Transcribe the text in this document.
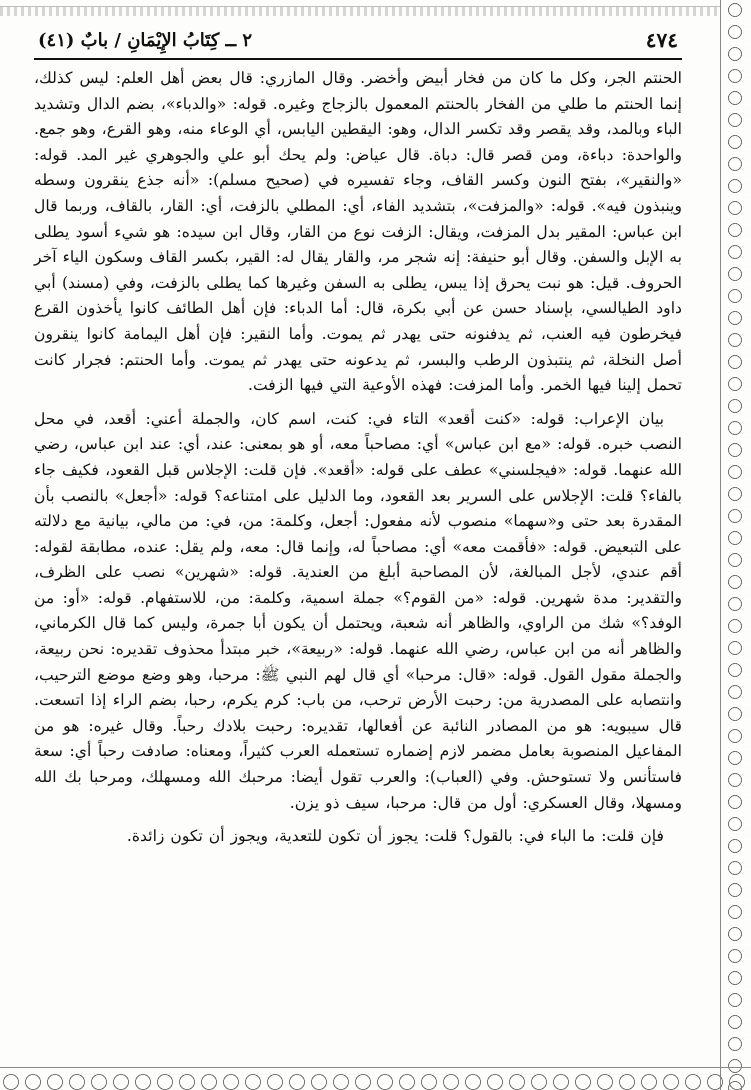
٤٧٤
٢ ــ كِتَابُ الإِيْمَانِ / بابٌ (٤١)

الحنتم الجر، وكل ما كان من فخار أبيض وأخضر. وقال المازري: قال بعض أهل العلم: ليس كذلك، إنما الحنتم ما طلي من الفخار بالحنتم المعمول بالزجاج وغيره. قوله: «والدباء»، بضم الدال وتشديد الباء وبالمد، وقد يقصر وقد تكسر الدال، وهو: اليقطين اليابس، أي الوعاء منه، وهو القرع، وهو جمع. والواحدة: دباءة، ومن قصر قال: دباة. قال عياض: ولم يحك أبو علي والجوهري غير المد. قوله: «والنقير»، بفتح النون وكسر القاف، وجاء تفسيره في (صحيح مسلم): «أنه جذع ينقرون وسطه وينبذون فيه». قوله: «والمزفت»، بتشديد الفاء، أي: المطلي بالزفت، أي: القار، بالقاف، وربما قال ابن عباس: المقير بدل المزفت، ويقال: الزفت نوع من القار، وقال ابن سيده: هو شيء أسود يطلى به الإبل والسفن. وقال أبو حنيفة: إنه شجر مر، والقار يقال له: القير، بكسر القاف وسكون الياء آخر الحروف. قيل: هو نبت يحرق إذا يبس، يطلى به السفن وغيرها كما يطلى بالزفت، وفي (مسند) أبي داود الطيالسي، بإسناد حسن عن أبي بكرة، قال: أما الدباء: فإن أهل الطائف كانوا يأخذون القرع فيخرطون فيه العنب، ثم يدفنونه حتى يهدر ثم يموت. وأما النقير: فإن أهل اليمامة كانوا ينقرون أصل النخلة، ثم ينتبذون الرطب والبسر، ثم يدعونه حتى يهدر ثم يموت. وأما الحنتم: فجرار كانت تحمل إلينا فيها الخمر. وأما المزفت: فهذه الأوعية التي فيها الزفت.

بيان الإعراب: قوله: «كنت أقعد» التاء في: كنت، اسم كان، والجملة أعني: أقعد، في محل النصب خبره. قوله: «مع ابن عباس» أي: مصاحباً معه، أو هو بمعنى: عند، أي: عند ابن عباس، رضي الله عنهما. قوله: «فيجلسني» عطف على قوله: «أقعد». فإن قلت: الإجلاس قبل القعود، فكيف جاء بالفاء؟ قلت: الإجلاس على السرير بعد القعود، وما الدليل على امتناعه؟ قوله: «أجعل» بالنصب بأن المقدرة بعد حتى و«سهما» منصوب لأنه مفعول: أجعل، وكلمة: من، في: من مالي، بيانية مع دلالته على التبعيض. قوله: «فأقمت معه» أي: مصاحباً له، وإنما قال: معه، ولم يقل: عنده، مطابقة لقوله: أقم عندي، لأجل المبالغة، لأن المصاحبة أبلغ من العندية. قوله: «شهرين» نصب على الظرف، والتقدير: مدة شهرين. قوله: «من القوم؟» جملة اسمية، وكلمة: من، للاستفهام. قوله: «أو: من الوفد؟» شك من الراوي، والظاهر أنه شعبة، ويحتمل أن يكون أبا جمرة، وليس كما قال الكرماني، والظاهر أنه من ابن عباس، رضي الله عنهما. قوله: «ربيعة»، خبر مبتدأ محذوف تقديره: نحن ربيعة، والجملة مقول القول. قوله: «قال: مرحبا» أي قال لهم النبي ﷺ: مرحبا، وهو وضع موضع الترحيب، وانتصابه على المصدرية من: رحبت الأرض ترحب، من باب: كرم يكرم، رحبا، بضم الراء إذا اتسعت. قال سيبويه: هو من المصادر النائبة عن أفعالها، تقديره: رحبت بلادك رحباً. وقال غيره: هو من المفاعيل المنصوبة بعامل مضمر لازم إضماره تستعمله العرب كثيراً، ومعناه: صادفت رحباً أي: سعة فاستأنس ولا تستوحش. وفي (العباب): والعرب تقول أيضا: مرحبك الله ومسهلك، ومرحبا بك الله ومسهلا، وقال العسكري: أول من قال: مرحبا، سيف ذو يزن.

فإن قلت: ما الباء في: بالقول؟ قلت: يجوز أن تكون للتعدية، ويجوز أن تكون زائدة.
